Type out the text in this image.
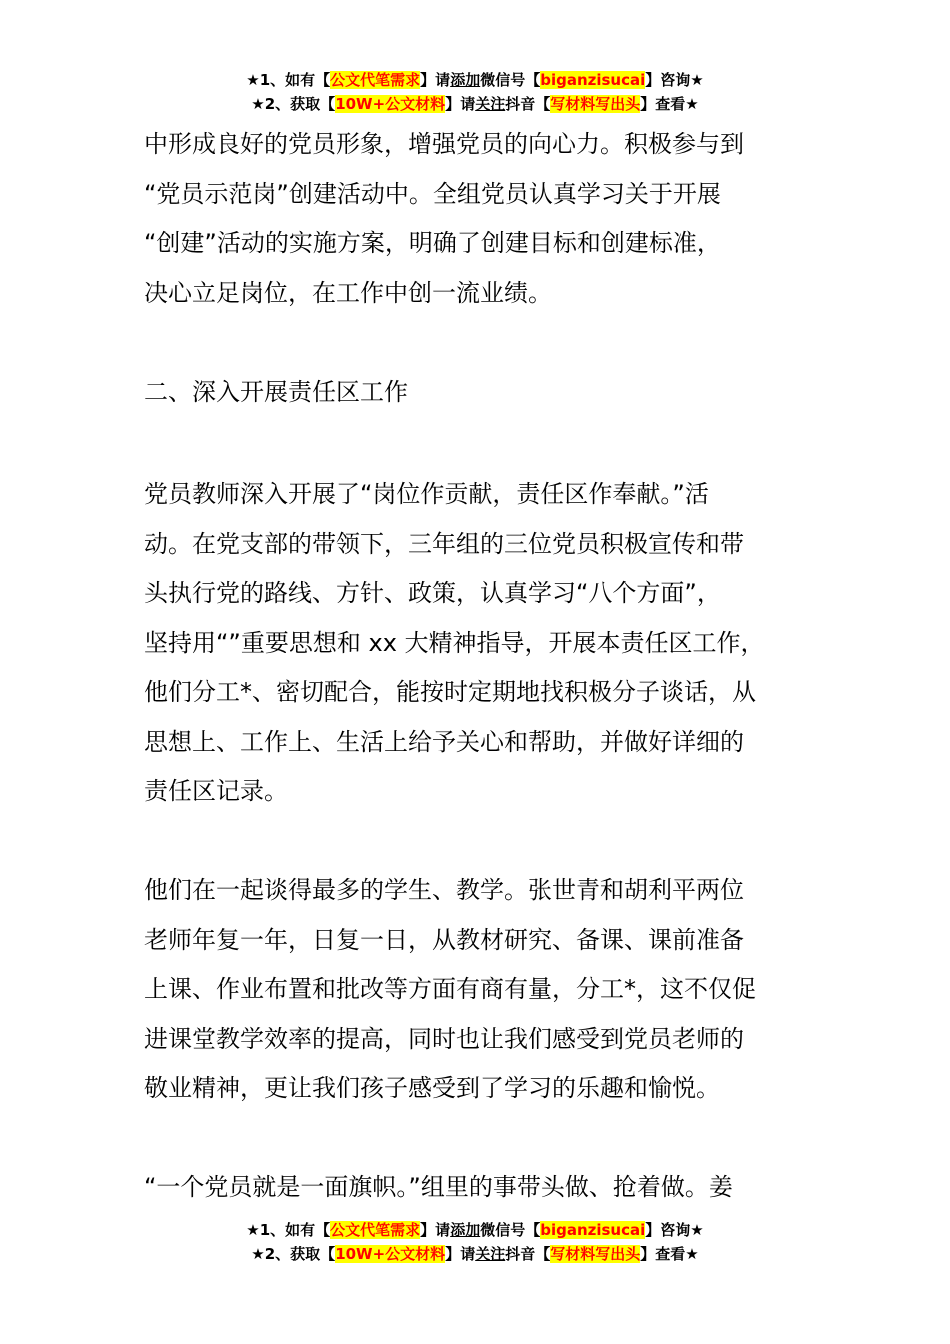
★1、如有【公文代笔需求】请添加微信号【biganzisucai】咨询★
★2、获取【10W+公文材料】请关注抖音【写材料写出头】查看★
中形成良好的党员形象，增强党员的向心力。积极参与到
“党员示范岗”创建活动中。全组党员认真学习关于开展
“创建”活动的实施方案，明确了创建目标和创建标准，
决心立足岗位，在工作中创一流业绩。
二、深入开展责任区工作
党员教师深入开展了“岗位作贡献，责任区作奉献。”活
动。在党支部的带领下，三年组的三位党员积极宣传和带
头执行党的路线、方针、政策，认真学习“八个方面”，
坚持用“”重要思想和 xx 大精神指导，开展本责任区工作，
他们分工*、密切配合，能按时定期地找积极分子谈话，从
思想上、工作上、生活上给予关心和帮助，并做好详细的
责任区记录。
他们在一起谈得最多的学生、教学。张世青和胡利平两位
老师年复一年，日复一日，从教材研究、备课、课前准备
上课、作业布置和批改等方面有商有量，分工*，这不仅促
进课堂教学效率的提高，同时也让我们感受到党员老师的
敬业精神，更让我们孩子感受到了学习的乐趣和愉悦。
“一个党员就是一面旗帜。”组里的事带头做、抢着做。姜
★1、如有【公文代笔需求】请添加微信号【biganzisucai】咨询★
★2、获取【10W+公文材料】请关注抖音【写材料写出头】查看★
